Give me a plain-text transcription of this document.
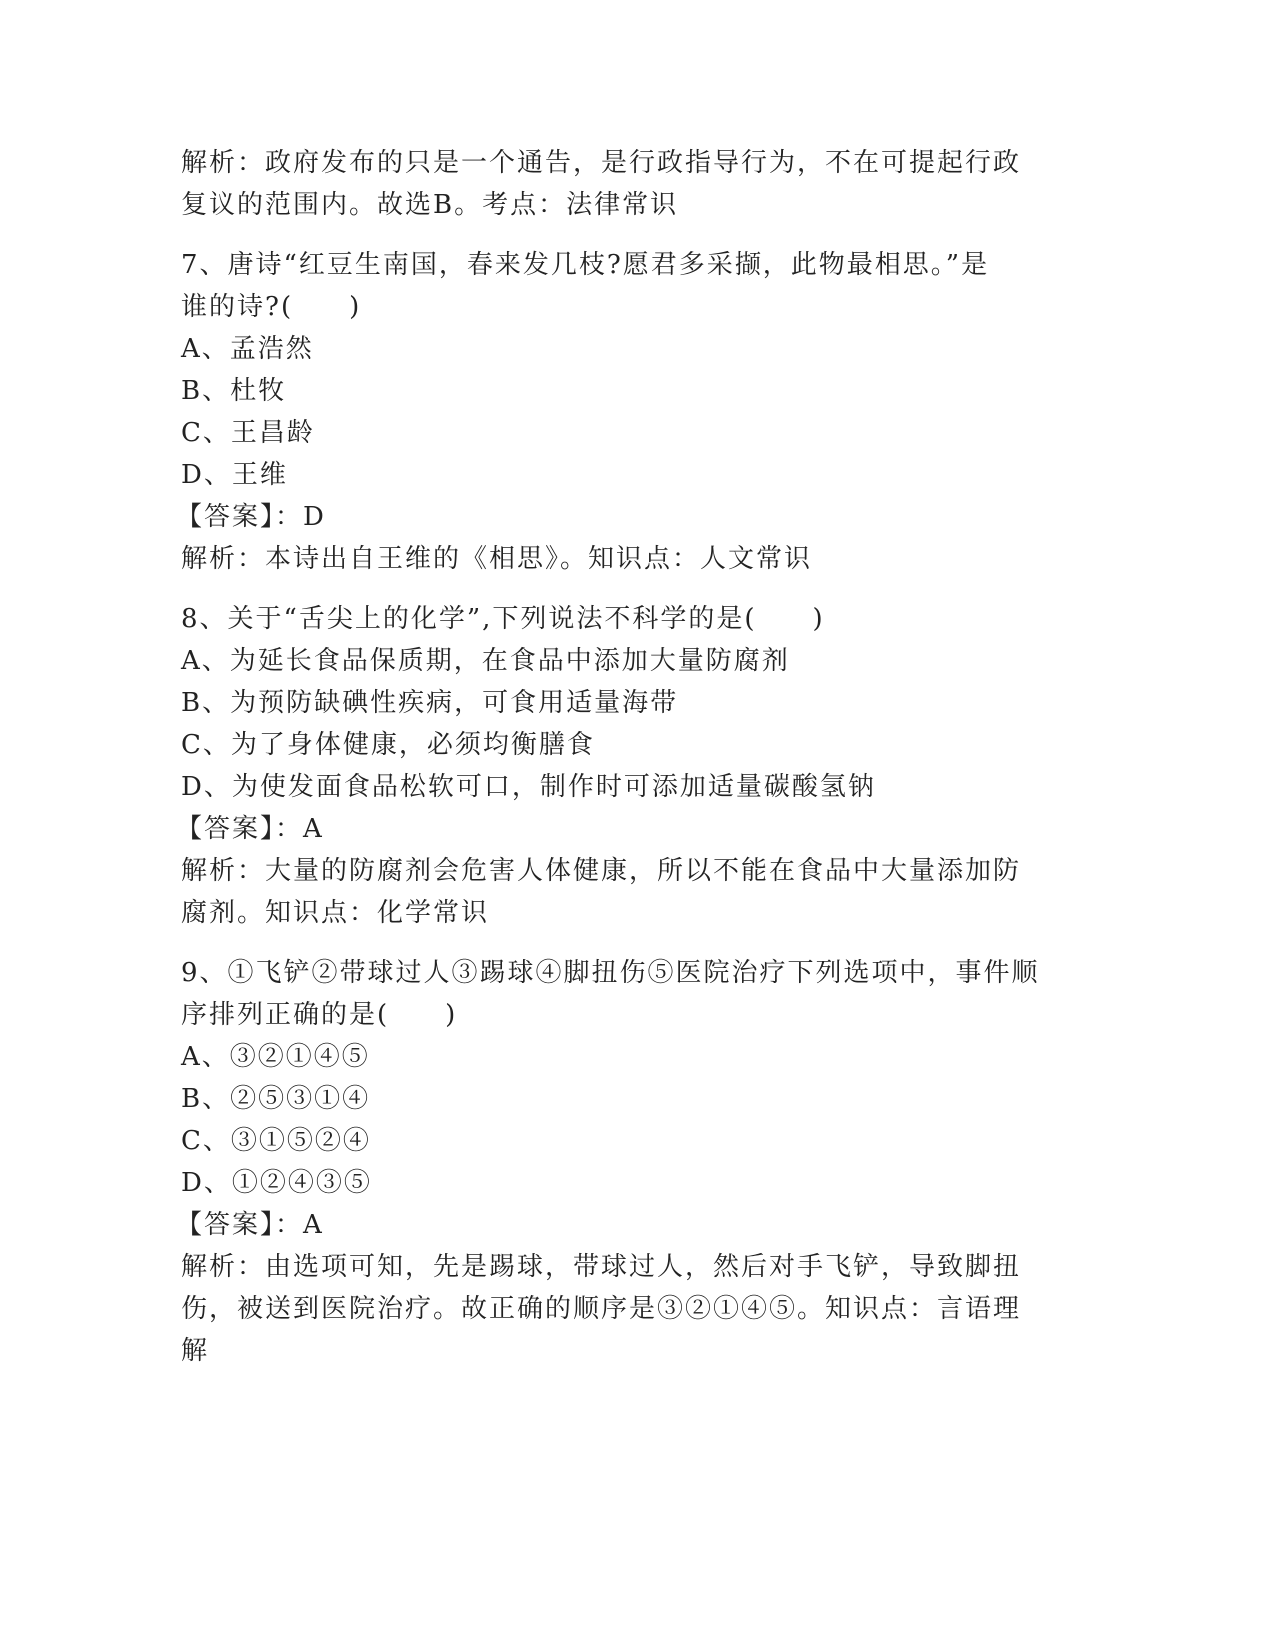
解析：政府发布的只是一个通告，是行政指导行为，不在可提起行政

复议的范围内。故选B。考点：法律常识

7、唐诗“红豆生南国，春来发几枝?愿君多采撷，此物最相思。”是

谁的诗?(　　)

A、孟浩然

B、杜牧

C、王昌龄

D、王维

【答案】：D

解析：本诗出自王维的《相思》。知识点：人文常识

8、关于“舌尖上的化学”,下列说法不科学的是(　　)

A、为延长食品保质期，在食品中添加大量防腐剂

B、为预防缺碘性疾病，可食用适量海带

C、为了身体健康，必须均衡膳食

D、为使发面食品松软可口，制作时可添加适量碳酸氢钠

【答案】：A

解析：大量的防腐剂会危害人体健康，所以不能在食品中大量添加防

腐剂。知识点：化学常识

9、①飞铲②带球过人③踢球④脚扭伤⑤医院治疗下列选项中，事件顺

序排列正确的是(　　)

A、③②①④⑤

B、②⑤③①④

C、③①⑤②④

D、①②④③⑤

【答案】：A

解析：由选项可知，先是踢球，带球过人，然后对手飞铲，导致脚扭

伤，被送到医院治疗。故正确的顺序是③②①④⑤。知识点：言语理

解
